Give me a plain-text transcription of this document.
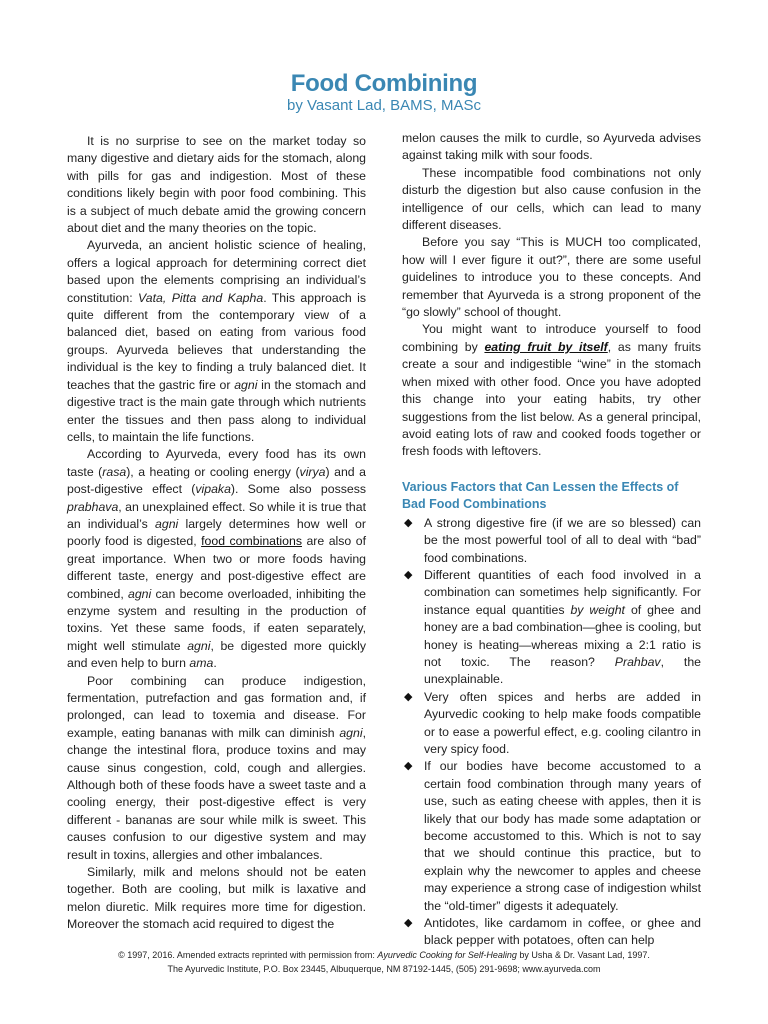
Food Combining
by Vasant Lad, BAMS, MASc

It is no surprise to see on the market today so many digestive and dietary aids for the stomach, along with pills for gas and indigestion. Most of these conditions likely begin with poor food combining. This is a subject of much debate amid the growing concern about diet and the many theories on the topic.

Ayurveda, an ancient holistic science of healing, offers a logical approach for determining correct diet based upon the elements comprising an individual’s constitution: Vata, Pitta and Kapha. This approach is quite different from the contemporary view of a balanced diet, based on eating from various food groups. Ayurveda believes that understanding the individual is the key to finding a truly balanced diet. It teaches that the gastric fire or agni in the stomach and digestive tract is the main gate through which nutrients enter the tissues and then pass along to individual cells, to maintain the life functions.

According to Ayurveda, every food has its own taste (rasa), a heating or cooling energy (virya) and a post-digestive effect (vipaka). Some also possess prabhava, an unexplained effect. So while it is true that an individual’s agni largely determines how well or poorly food is digested, food combinations are also of great importance. When two or more foods having different taste, energy and post-digestive effect are combined, agni can become overloaded, inhibiting the enzyme system and resulting in the production of toxins. Yet these same foods, if eaten separately, might well stimulate agni, be digested more quickly and even help to burn ama.

Poor combining can produce indigestion, fermentation, putrefaction and gas formation and, if prolonged, can lead to toxemia and disease. For example, eating bananas with milk can diminish agni, change the intestinal flora, produce toxins and may cause sinus congestion, cold, cough and allergies. Although both of these foods have a sweet taste and a cooling energy, their post-digestive effect is very different - bananas are sour while milk is sweet. This causes confusion to our digestive system and may result in toxins, allergies and other imbalances.

Similarly, milk and melons should not be eaten together. Both are cooling, but milk is laxative and melon diuretic. Milk requires more time for digestion. Moreover the stomach acid required to digest the

melon causes the milk to curdle, so Ayurveda advises against taking milk with sour foods.

These incompatible food combinations not only disturb the digestion but also cause confusion in the intelligence of our cells, which can lead to many different diseases.

Before you say “This is MUCH too complicated, how will I ever figure it out?”, there are some useful guidelines to introduce you to these concepts. And remember that Ayurveda is a strong proponent of the “go slowly” school of thought.

You might want to introduce yourself to food combining by eating fruit by itself, as many fruits create a sour and indigestible “wine” in the stomach when mixed with other food. Once you have adopted this change into your eating habits, try other suggestions from the list below. As a general principal, avoid eating lots of raw and cooked foods together or fresh foods with leftovers.

Various Factors that Can Lessen the Effects of Bad Food Combinations
◆ A strong digestive fire (if we are so blessed) can be the most powerful tool of all to deal with “bad” food combinations.
◆ Different quantities of each food involved in a combination can sometimes help significantly. For instance equal quantities by weight of ghee and honey are a bad combination—ghee is cooling, but honey is heating—whereas mixing a 2:1 ratio is not toxic. The reason? Prahbav, the unexplainable.
◆ Very often spices and herbs are added in Ayurvedic cooking to help make foods compatible or to ease a powerful effect, e.g. cooling cilantro in very spicy food.
◆ If our bodies have become accustomed to a certain food combination through many years of use, such as eating cheese with apples, then it is likely that our body has made some adaptation or become accustomed to this. Which is not to say that we should continue this practice, but to explain why the newcomer to apples and cheese may experience a strong case of indigestion whilst the “old-timer” digests it adequately.
◆ Antidotes, like cardamom in coffee, or ghee and black pepper with potatoes, often can help
© 1997, 2016. Amended extracts reprinted with permission from: Ayurvedic Cooking for Self-Healing by Usha & Dr. Vasant Lad, 1997.
The Ayurvedic Institute, P.O. Box 23445, Albuquerque, NM 87192-1445, (505) 291-9698; www.ayurveda.com
